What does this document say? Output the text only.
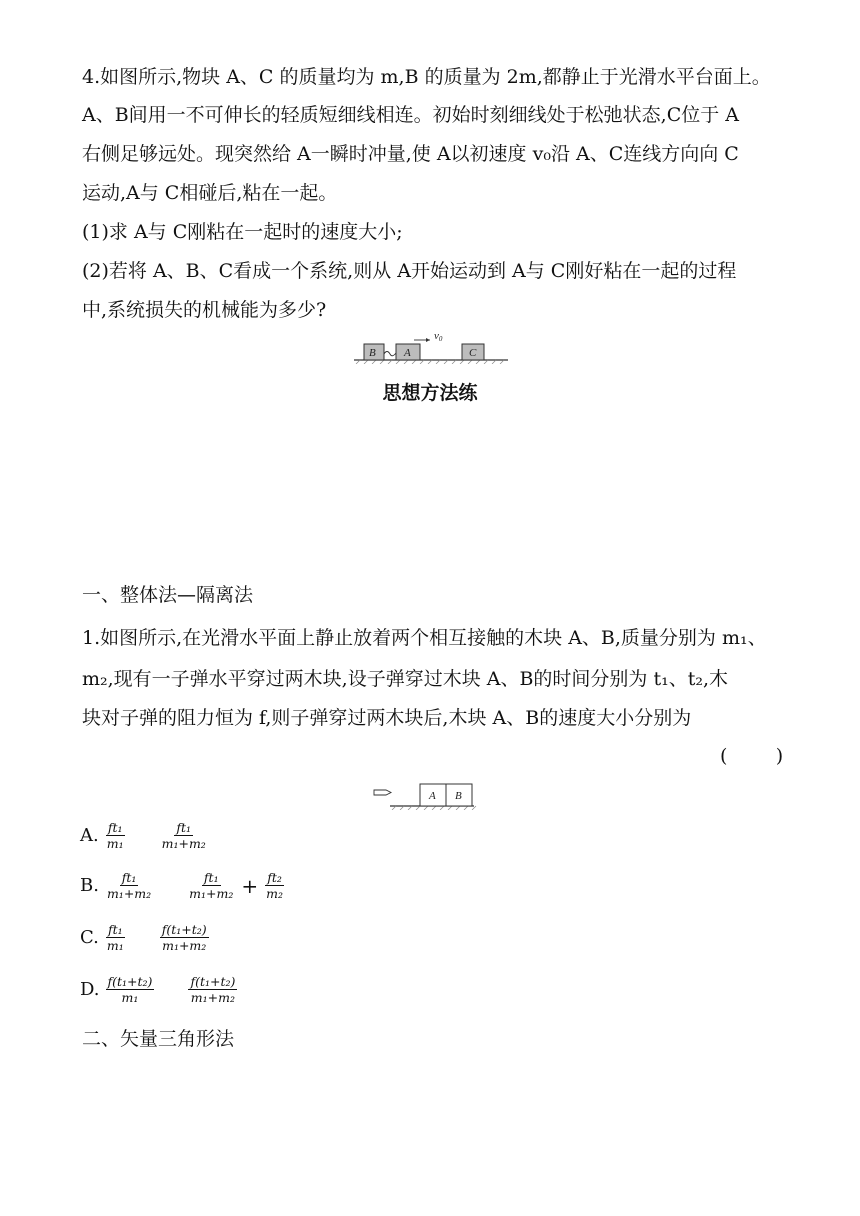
4.如图所示,物块 A、C 的质量均为 m,B 的质量为 2m,都静止于光滑水平台面上。
A、B间用一不可伸长的轻质短细线相连。初始时刻细线处于松弛状态,C位于 A
右侧足够远处。现突然给 A一瞬时冲量,使 A以初速度 v₀沿 A、C连线方向向 C
运动,A与 C相碰后,粘在一起。
(1)求 A与 C刚粘在一起时的速度大小;
(2)若将 A、B、C看成一个系统,则从 A开始运动到 A与 C刚好粘在一起的过程
中,系统损失的机械能为多少?
B	A
v0
C
思想方法练
一、整体法—隔离法
1.如图所示,在光滑水平面上静止放着两个相互接触的木块 A、B,质量分别为 m₁、
m₂,现有一子弹水平穿过两木块,设子弹穿过木块 A、B的时间分别为 t₁、t₂,木
块对子弹的阻力恒为 f,则子弹穿过两木块后,木块 A、B的速度大小分别为
(        )
A B
A. $\frac{\text{ft₁}}{\text{m₁}}$	$\frac{\text{ft₁}}{\text{m₁+m₂}}$
B. $\frac{\text{ft₁}}{\text{m₁+m₂}}$	$\frac{\text{ft₁}}{\text{m₁+m₂}} + \frac{\text{ft₂}}{\text{m₂}}$
C. $\frac{\text{ft₁}}{\text{m₁}}$	$\frac{\text{f(t₁+t₂)}}{\text{m₁+m₂}}$
D. $\frac{\text{f(t₁+t₂)}}{\text{m₁}}$	$\frac{\text{f(t₁+t₂)}}{\text{m₁+m₂}}$
二、矢量三角形法
